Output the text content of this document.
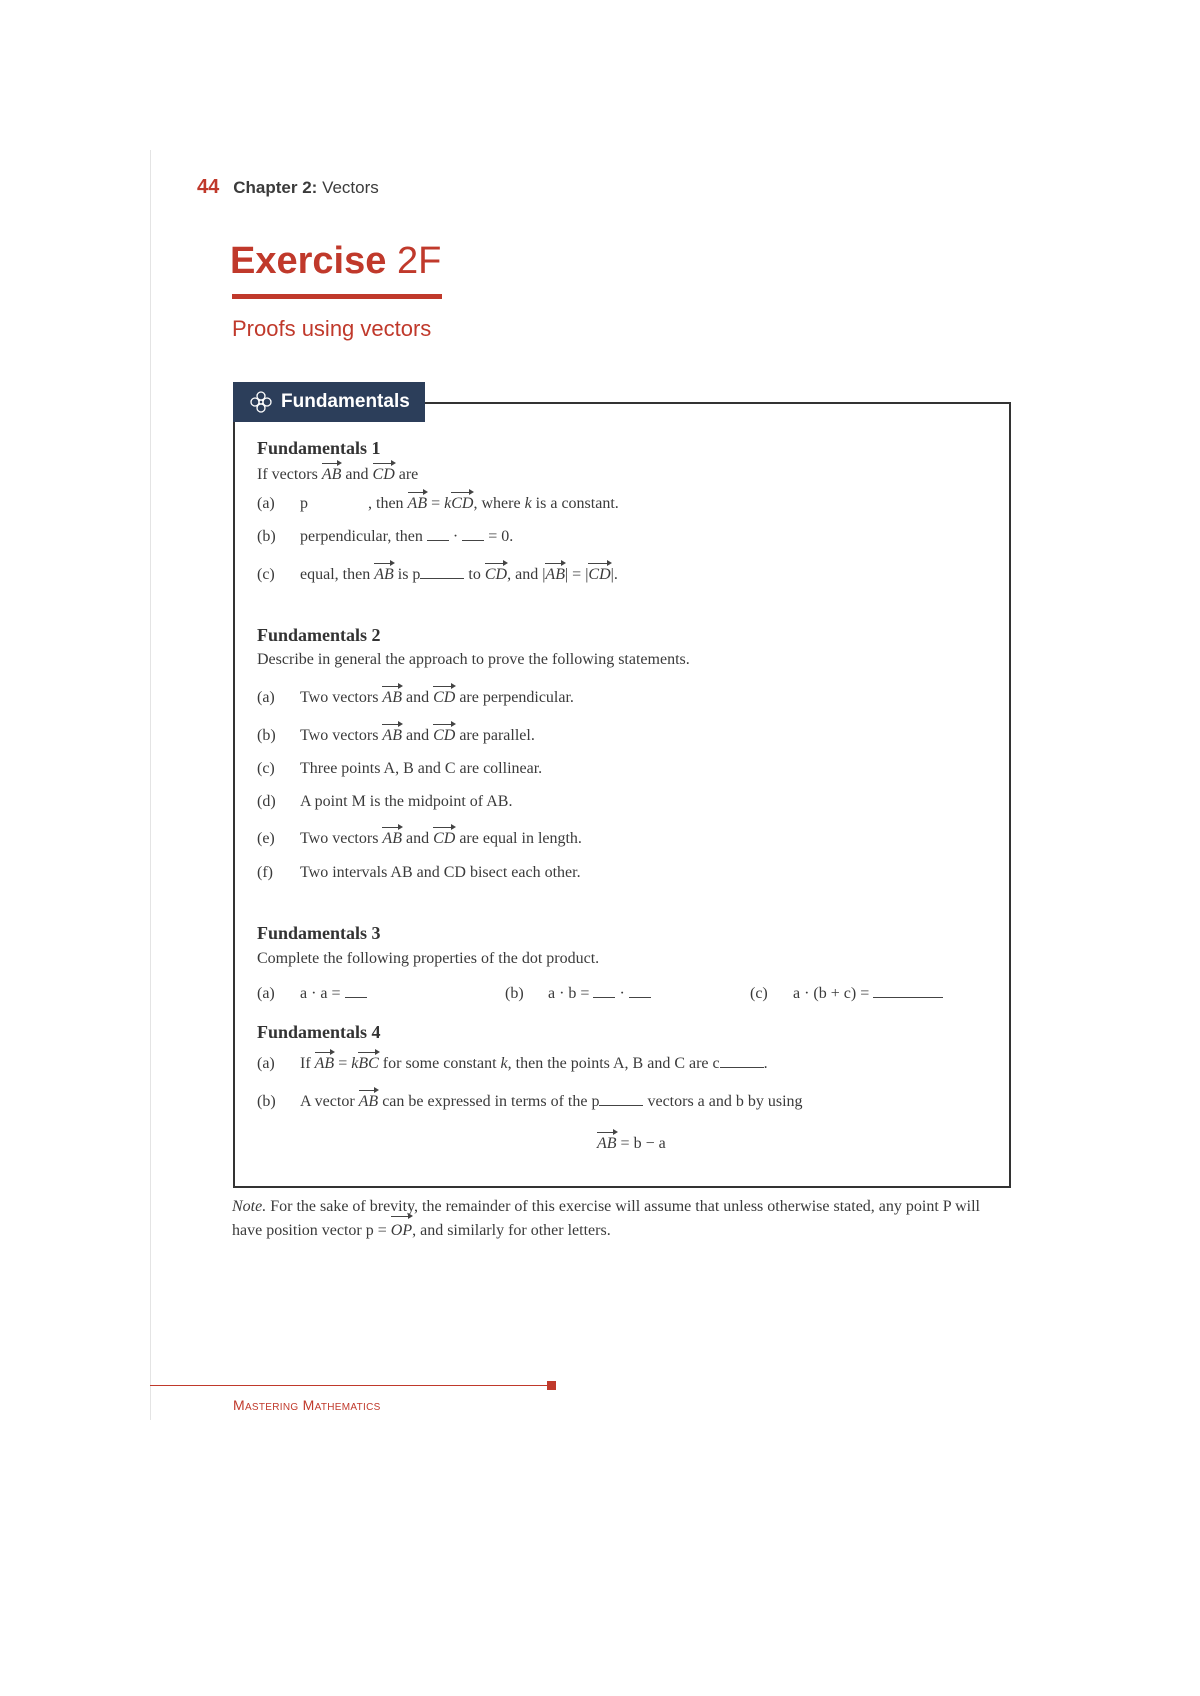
44 Chapter 2: Vectors
Exercise 2F
Proofs using vectors
Fundamentals
Fundamentals 1
If vectors AB and CD are
(a) p	, then AB = kCD, where k is a constant.
(b) perpendicular, then · = 0.
(c) equal, then AB is p	to CD, and |AB| = |CD|.
Fundamentals 2
Describe in general the approach to prove the following statements.
(a) Two vectors AB and CD are perpendicular.
(b) Two vectors AB and CD are parallel.
(c) Three points A, B and C are collinear.
(d) A point M is the midpoint of AB.
(e) Two vectors AB and CD are equal in length.
(f) Two intervals AB and CD bisect each other.
Fundamentals 3
Complete the following properties of the dot product.
(a) a · a =	(b) a · b = ·	(c) a · (b + c) =
Fundamentals 4
(a) If AB = kBC for some constant k, then the points A, B and C are c	.
(b) A vector AB can be expressed in terms of the p	vectors a and b by using
AB = b − a
Note. For the sake of brevity, the remainder of this exercise will assume that unless otherwise stated, any point P will have position vector p = OP, and similarly for other letters.
Mastering Mathematics
